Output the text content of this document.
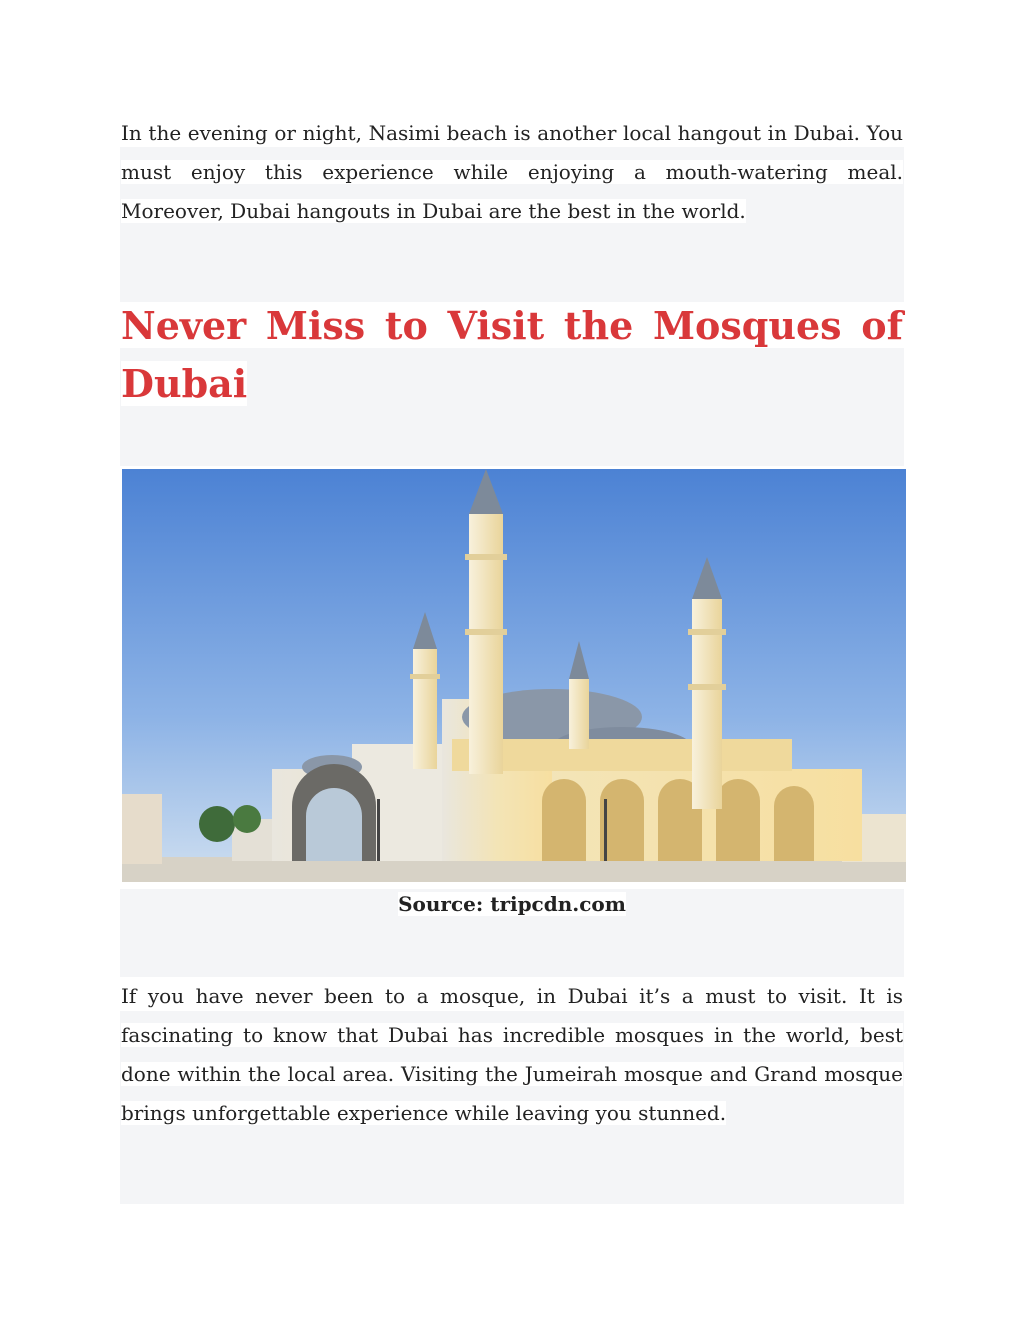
In the evening or night, Nasimi beach is another local hangout in Dubai. You must enjoy this experience while enjoying a mouth-watering meal. Moreover, Dubai hangouts in Dubai are the best in the world.

Never Miss to Visit the Mosques of Dubai

Source: tripcdn.com

If you have never been to a mosque, in Dubai it’s a must to visit. It is fascinating to know that Dubai has incredible mosques in the world, best done within the local area. Visiting the Jumeirah mosque and Grand mosque brings unforgettable experience while leaving you stunned.
